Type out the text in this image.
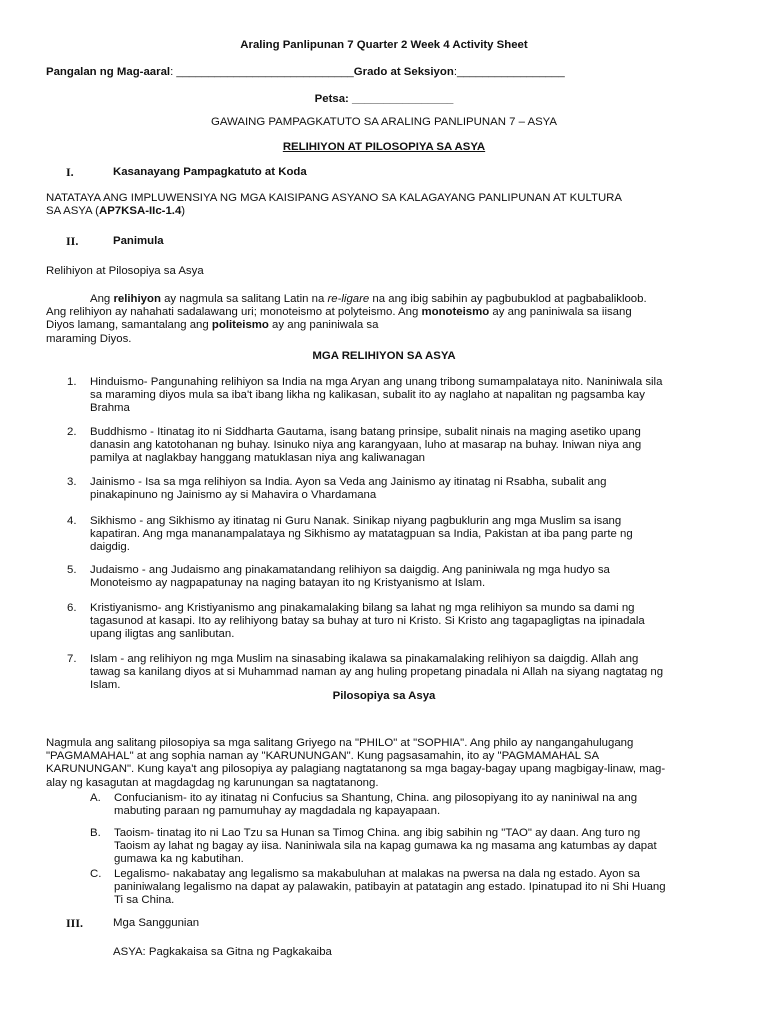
Araling Panlipunan 7 Quarter 2 Week 4 Activity Sheet
Pangalan ng Mag-aaral: ____________________________Grado at Seksiyon:_________________
Petsa: ________________
GAWAING PAMPAGKATUTO SA ARALING PANLIPUNAN 7 – ASYA
RELIHIYON AT PILOSOPIYA SA ASYA
I.	Kasanayang Pampagkatuto at Koda
NATATAYA ANG IMPLUWENSIYA NG MGA KAISIPANG ASYANO SA KALAGAYANG PANLIPUNAN AT KULTURA
SA ASYA (AP7KSA-IIc-1.4)
II.	Panimula
Relihiyon at Pilosopiya sa Asya
Ang relihiyon ay nagmula sa salitang Latin na re-ligare na ang ibig sabihin ay pagbubuklod at pagbabalikloob.
Ang relihiyon ay nahahati sadalawang uri; monoteismo at polyteismo. Ang monoteismo ay ang paniniwala sa iisang
Diyos lamang, samantalang ang politeismo ay ang paniniwala sa
maraming Diyos.
MGA RELIHIYON SA ASYA
Pilosopiya sa Asya
Nagmula ang salitang pilosopiya sa mga salitang Griyego na "PHILO" at "SOPHIA". Ang philo ay nangangahulugang
"PAGMAMAHAL" at ang sophia naman ay "KARUNUNGAN". Kung pagsasamahin, ito ay "PAGMAMAHAL SA
KARUNUNGAN". Kung kaya't ang pilosopiya ay palagiang nagtatanong sa mga bagay-bagay upang magbigay-linaw, mag-
alay ng kasagutan at magdagdag ng karunungan sa nagtatanong.
III.	Mga Sanggunian
ASYA: Pagkakaisa sa Gitna ng Pagkakaiba
1. Hinduismo- Pangunahing relihiyon sa India na mga Aryan ang unang tribong sumampalataya nito. Naniniwala sila
sa maraming diyos mula sa iba't ibang likha ng kalikasan, subalit ito ay naglaho at napalitan ng pagsamba kay
Brahma
2. Buddhismo - Itinatag ito ni Siddharta Gautama, isang batang prinsipe, subalit ninais na maging asetiko upang
danasin ang katotohanan ng buhay. Isinuko niya ang karangyaan, luho at masarap na buhay. Iniwan niya ang
pamilya at naglakbay hanggang matuklasan niya ang kaliwanagan
3. Jainismo - Isa sa mga relihiyon sa India. Ayon sa Veda ang Jainismo ay itinatag ni Rsabha, subalit ang
pinakapinuno ng Jainismo ay si Mahavira o Vhardamana
4. Sikhismo - ang Sikhismo ay itinatag ni Guru Nanak. Sinikap niyang pagbuklurin ang mga Muslim sa isang
kapatiran. Ang mga mananampalataya ng Sikhismo ay matatagpuan sa India, Pakistan at iba pang parte ng
daigdig.
5. Judaismo - ang Judaismo ang pinakamatandang relihiyon sa daigdig. Ang paniniwala ng mga hudyo sa
Monoteismo ay nagpapatunay na naging batayan ito ng Kristyanismo at Islam.
6. Kristiyanismo- ang Kristiyanismo ang pinakamalaking bilang sa lahat ng mga relihiyon sa mundo sa dami ng
tagasunod at kasapi. Ito ay relihiyong batay sa buhay at turo ni Kristo. Si Kristo ang tagapagligtas na ipinadala
upang iligtas ang sanlibutan.
7. Islam - ang relihiyon ng mga Muslim na sinasabing ikalawa sa pinakamalaking relihiyon sa daigdig. Allah ang
tawag sa kanilang diyos at si Muhammad naman ay ang huling propetang pinadala ni Allah na siyang nagtatag ng
Islam.
A. Confucianism- ito ay itinatag ni Confucius sa Shantung, China. ang pilosopiyang ito ay naniniwal na ang
mabuting paraan ng pamumuhay ay magdadala ng kapayapaan.
B. Taoism- tinatag ito ni Lao Tzu sa Hunan sa Timog China. ang ibig sabihin ng "TAO" ay daan. Ang turo ng
Taoism ay lahat ng bagay ay iisa. Naniniwala sila na kapag gumawa ka ng masama ang katumbas ay dapat
gumawa ka ng kabutihan.
C. Legalismo- nakabatay ang legalismo sa makabuluhan at malakas na pwersa na dala ng estado. Ayon sa
paniniwalang legalismo na dapat ay palawakin, patibayin at patatagin ang estado. Ipinatupad ito ni Shi Huang
Ti sa China.
